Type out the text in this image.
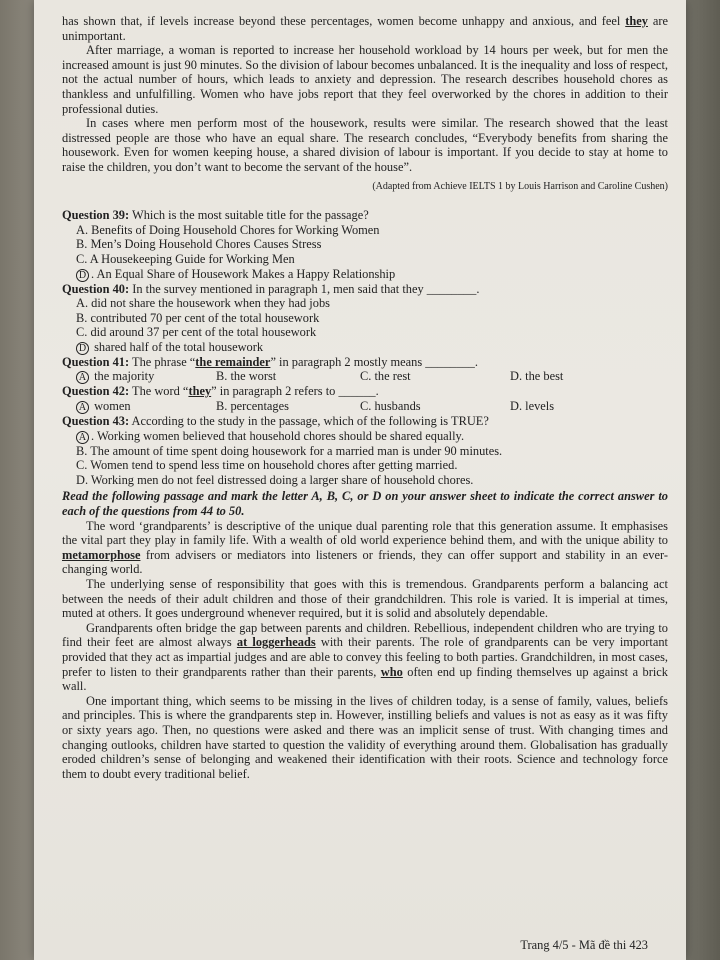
has shown that, if levels increase beyond these percentages, women become unhappy and anxious, and feel they are unimportant.

After marriage, a woman is reported to increase her household workload by 14 hours per week, but for men the increased amount is just 90 minutes. So the division of labour becomes unbalanced. It is the inequality and loss of respect, not the actual number of hours, which leads to anxiety and depression. The research describes household chores as thankless and unfulfilling. Women who have jobs report that they feel overworked by the chores in addition to their professional duties.

In cases where men perform most of the housework, results were similar. The research showed that the least distressed people are those who have an equal share. The research concludes, “Everybody benefits from sharing the housework. Even for women keeping house, a shared division of labour is important. If you decide to stay at home to raise the children, you don’t want to become the servant of the house”.

(Adapted from Achieve IELTS 1 by Louis Harrison and Caroline Cushen)

Question 39: Which is the most suitable title for the passage?

A. Benefits of Doing Household Chores for Working Women

B. Men’s Doing Household Chores Causes Stress

C. A Housekeeping Guide for Working Men

D . An Equal Share of Housework Makes a Happy Relationship

Question 40: In the survey mentioned in paragraph 1, men said that they ________.

A. did not share the housework when they had jobs

B. contributed 70 per cent of the total housework

C. did around 37 per cent of the total housework

D shared half of the total housework

Question 41: The phrase “the remainder” in paragraph 2 mostly means ________.

A the majority	B. the worst	C. the rest	D. the best

Question 42: The word “they” in paragraph 2 refers to ______.

A women	B. percentages	C. husbands	D. levels

Question 43: According to the study in the passage, which of the following is TRUE?

A . Working women believed that household chores should be shared equally.

B. The amount of time spent doing housework for a married man is under 90 minutes.

C. Women tend to spend less time on household chores after getting married.

D. Working men do not feel distressed doing a larger share of household chores.

Read the following passage and mark the letter A, B, C, or D on your answer sheet to indicate the correct answer to each of the questions from 44 to 50.

The word ‘grandparents’ is descriptive of the unique dual parenting role that this generation assume. It emphasises the vital part they play in family life. With a wealth of old world experience behind them, and with the unique ability to metamorphose from advisers or mediators into listeners or friends, they can offer support and stability in an ever-changing world.

The underlying sense of responsibility that goes with this is tremendous. Grandparents perform a balancing act between the needs of their adult children and those of their grandchildren. This role is varied. It is imperial at times, muted at others. It goes underground whenever required, but it is solid and absolutely dependable.

Grandparents often bridge the gap between parents and children. Rebellious, independent children who are trying to find their feet are almost always at loggerheads with their parents. The role of grandparents can be very important provided that they act as impartial judges and are able to convey this feeling to both parties. Grandchildren, in most cases, prefer to listen to their grandparents rather than their parents, who often end up finding themselves up against a brick wall.

One important thing, which seems to be missing in the lives of children today, is a sense of family, values, beliefs and principles. This is where the grandparents step in. However, instilling beliefs and values is not as easy as it was fifty or sixty years ago. Then, no questions were asked and there was an implicit sense of trust. With changing times and changing outlooks, children have started to question the validity of everything around them. Globalisation has gradually eroded children’s sense of belonging and weakened their identification with their roots. Science and technology force them to doubt every traditional belief.

Trang 4/5 - Mã đề thi 423
